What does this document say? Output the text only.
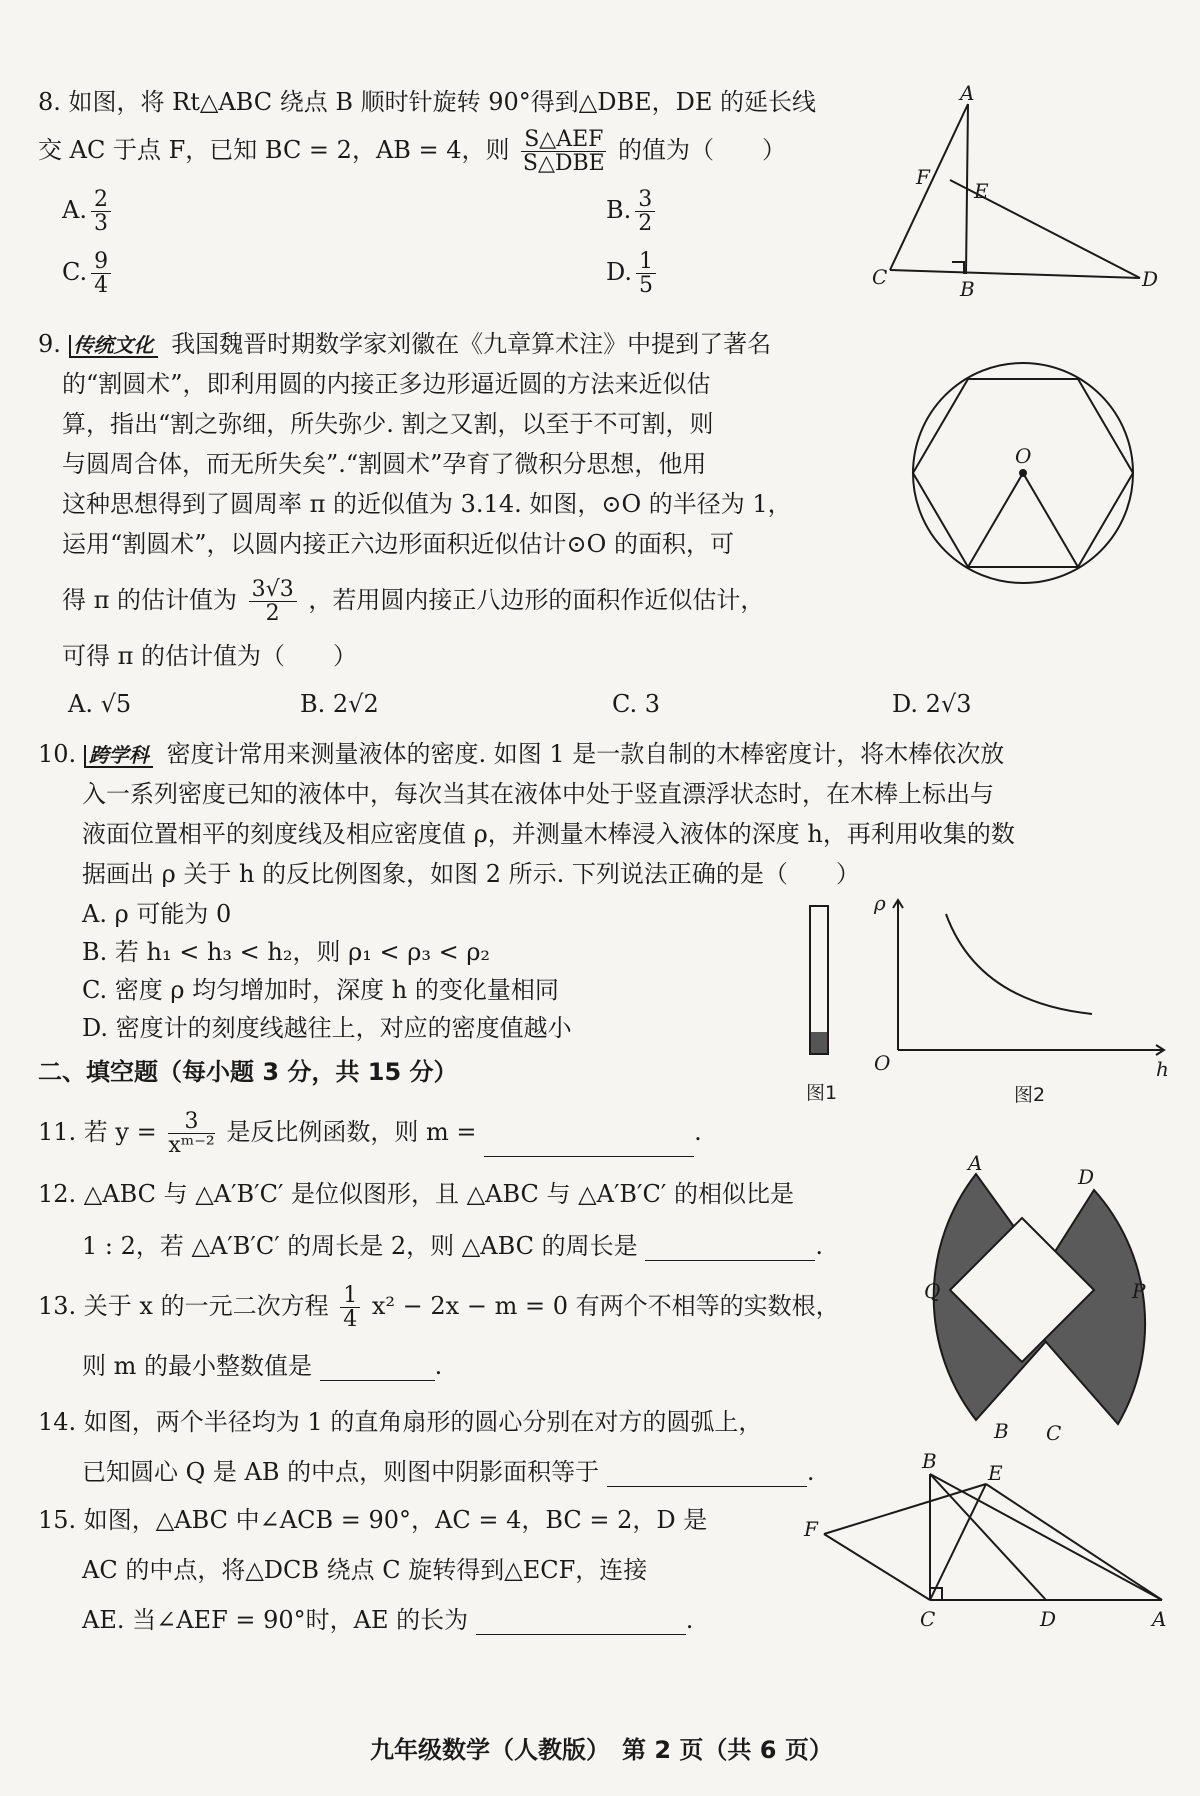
8. 如图，将 Rt△ABC 绕点 B 顺时针旋转 90°得到△DBE，DE 的延长线
交 AC 于点 F，已知 BC = 2，AB = 4，则 $\frac{\text{S△AEF}}{\text{S△DBE}}$ 的值为（　　）
A. $\frac{2}{3}$	B. $\frac{3}{2}$
C. $\frac{9}{4}$	D. $\frac{1}{5}$
A
F
E
C	B	D
9. 传统文化 我国魏晋时期数学家刘徽在《九章算术注》中提到了著名
的“割圆术”，即利用圆的内接正多边形逼近圆的方法来近似估
算，指出“割之弥细，所失弥少. 割之又割，以至于不可割，则
与圆周合体，而无所失矣”.“割圆术”孕育了微积分思想，他用
这种思想得到了圆周率 π 的近似值为 3.14. 如图，⊙O 的半径为 1，
运用“割圆术”，以圆内接正六边形面积近似估计⊙O 的面积，可
得 π 的估计值为 $\frac{3√3}{2}$ ，若用圆内接正八边形的面积作近似估计，
可得 π 的估计值为（　　）
A. √5	B. 2√2	C. 3	D. 2√3
O
10. 跨学科 密度计常用来测量液体的密度. 如图 1 是一款自制的木棒密度计，将木棒依次放
入一系列密度已知的液体中，每次当其在液体中处于竖直漂浮状态时，在木棒上标出与
液面位置相平的刻度线及相应密度值 ρ，并测量木棒浸入液体的深度 h，再利用收集的数
据画出 ρ 关于 h 的反比例图象，如图 2 所示. 下列说法正确的是（　　）
A. ρ 可能为 0
B. 若 h₁ < h₃ < h₂，则 ρ₁ < ρ₃ < ρ₂
C. 密度 ρ 均匀增加时，深度 h 的变化量相同
D. 密度计的刻度线越往上，对应的密度值越小
图1
ρ
O	h
图2
二、填空题（每小题 3 分，共 15 分）
11. 若 $y = \frac{3}{\text{xᵐ⁻²}}$ 是反比例函数，则 m =	.
12. △ABC 与 △A′B′C′ 是位似图形，且 △ABC 与 △A′B′C′ 的相似比是
1 : 2，若 △A′B′C′ 的周长是 2，则 △ABC 的周长是	.
13. 关于 x 的一元二次方程 $\frac{1}{4} x^2 - 2x - m = 0$ 有两个不相等的实数根，
则 m 的最小整数值是	.
A
D
Q	P
B C
14. 如图，两个半径均为 1 的直角扇形的圆心分别在对方的圆弧上，
已知圆心 Q 是 AB 的中点，则图中阴影面积等于	.
15. 如图，△ABC 中∠ACB = 90°，AC = 4，BC = 2，D 是
AC 的中点，将△DCB 绕点 C 旋转得到△ECF，连接
AE. 当∠AEF = 90°时，AE 的长为	.
B	E
F
C	D	A
九年级数学（人教版）　第 2 页（共 6 页）
